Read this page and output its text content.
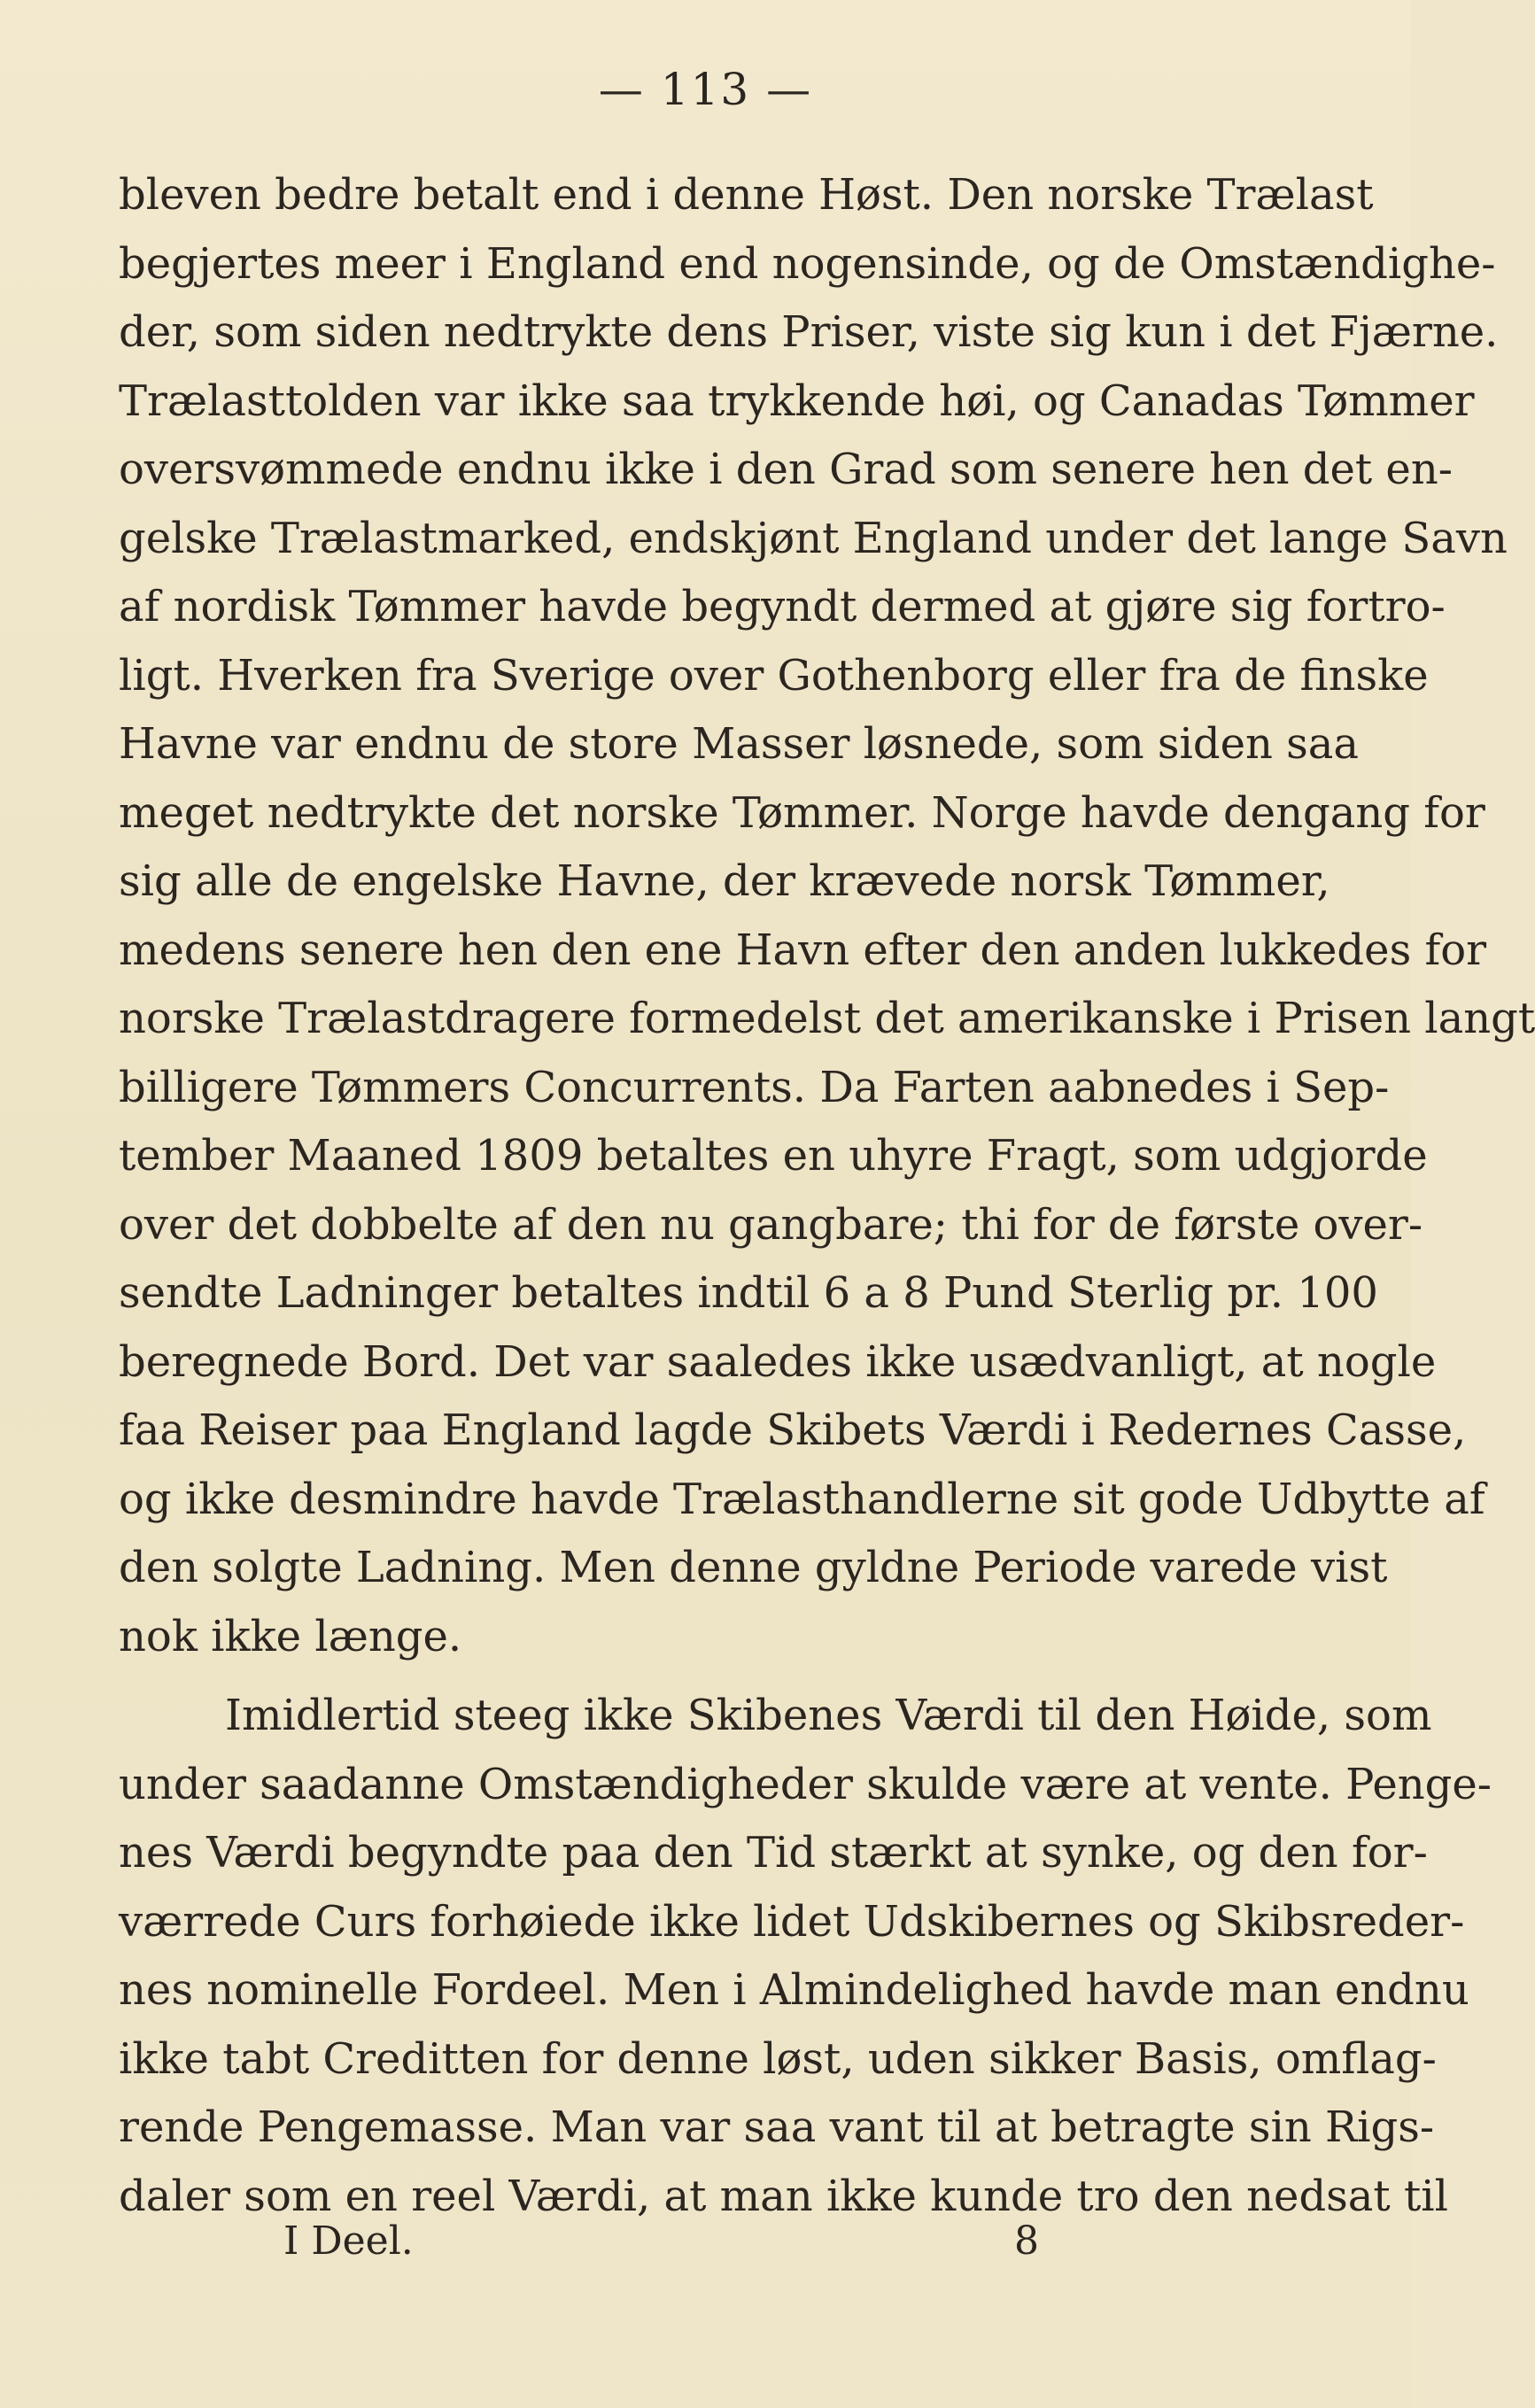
— 113 —
bleven bedre betalt end i denne Høst. Den norske Trælast
begjertes meer i England end nogensinde, og de Omstændighe-
der, som siden nedtrykte dens Priser, viste sig kun i det Fjærne.
Trælasttolden var ikke saa trykkende høi, og Canadas Tømmer
oversvømmede endnu ikke i den Grad som senere hen det en-
gelske Trælastmarked, endskjønt England under det lange Savn
af nordisk Tømmer havde begyndt dermed at gjøre sig fortro-
ligt. Hverken fra Sverige over Gothenborg eller fra de finske
Havne var endnu de store Masser løsnede, som siden saa
meget nedtrykte det norske Tømmer. Norge havde dengang for
sig alle de engelske Havne, der krævede norsk Tømmer,
medens senere hen den ene Havn efter den anden lukkedes for
norske Trælastdragere formedelst det amerikanske i Prisen langt
billigere Tømmers Concurrents. Da Farten aabnedes i Sep-
tember Maaned 1809 betaltes en uhyre Fragt, som udgjorde
over det dobbelte af den nu gangbare; thi for de første over-
sendte Ladninger betaltes indtil 6 a 8 Pund Sterlig pr. 100
beregnede Bord. Det var saaledes ikke usædvanligt, at nogle
faa Reiser paa England lagde Skibets Værdi i Redernes Casse,
og ikke desmindre havde Trælasthandlerne sit gode Udbytte af
den solgte Ladning. Men denne gyldne Periode varede vist
nok ikke længe.
Imidlertid steeg ikke Skibenes Værdi til den Høide, som
under saadanne Omstændigheder skulde være at vente. Penge-
nes Værdi begyndte paa den Tid stærkt at synke, og den for-
værrede Curs forhøiede ikke lidet Udskibernes og Skibsreder-
nes nominelle Fordeel. Men i Almindelighed havde man endnu
ikke tabt Creditten for denne løst, uden sikker Basis, omflag-
rende Pengemasse. Man var saa vant til at betragte sin Rigs-
daler som en reel Værdi, at man ikke kunde tro den nedsat til
I Deel.	8
